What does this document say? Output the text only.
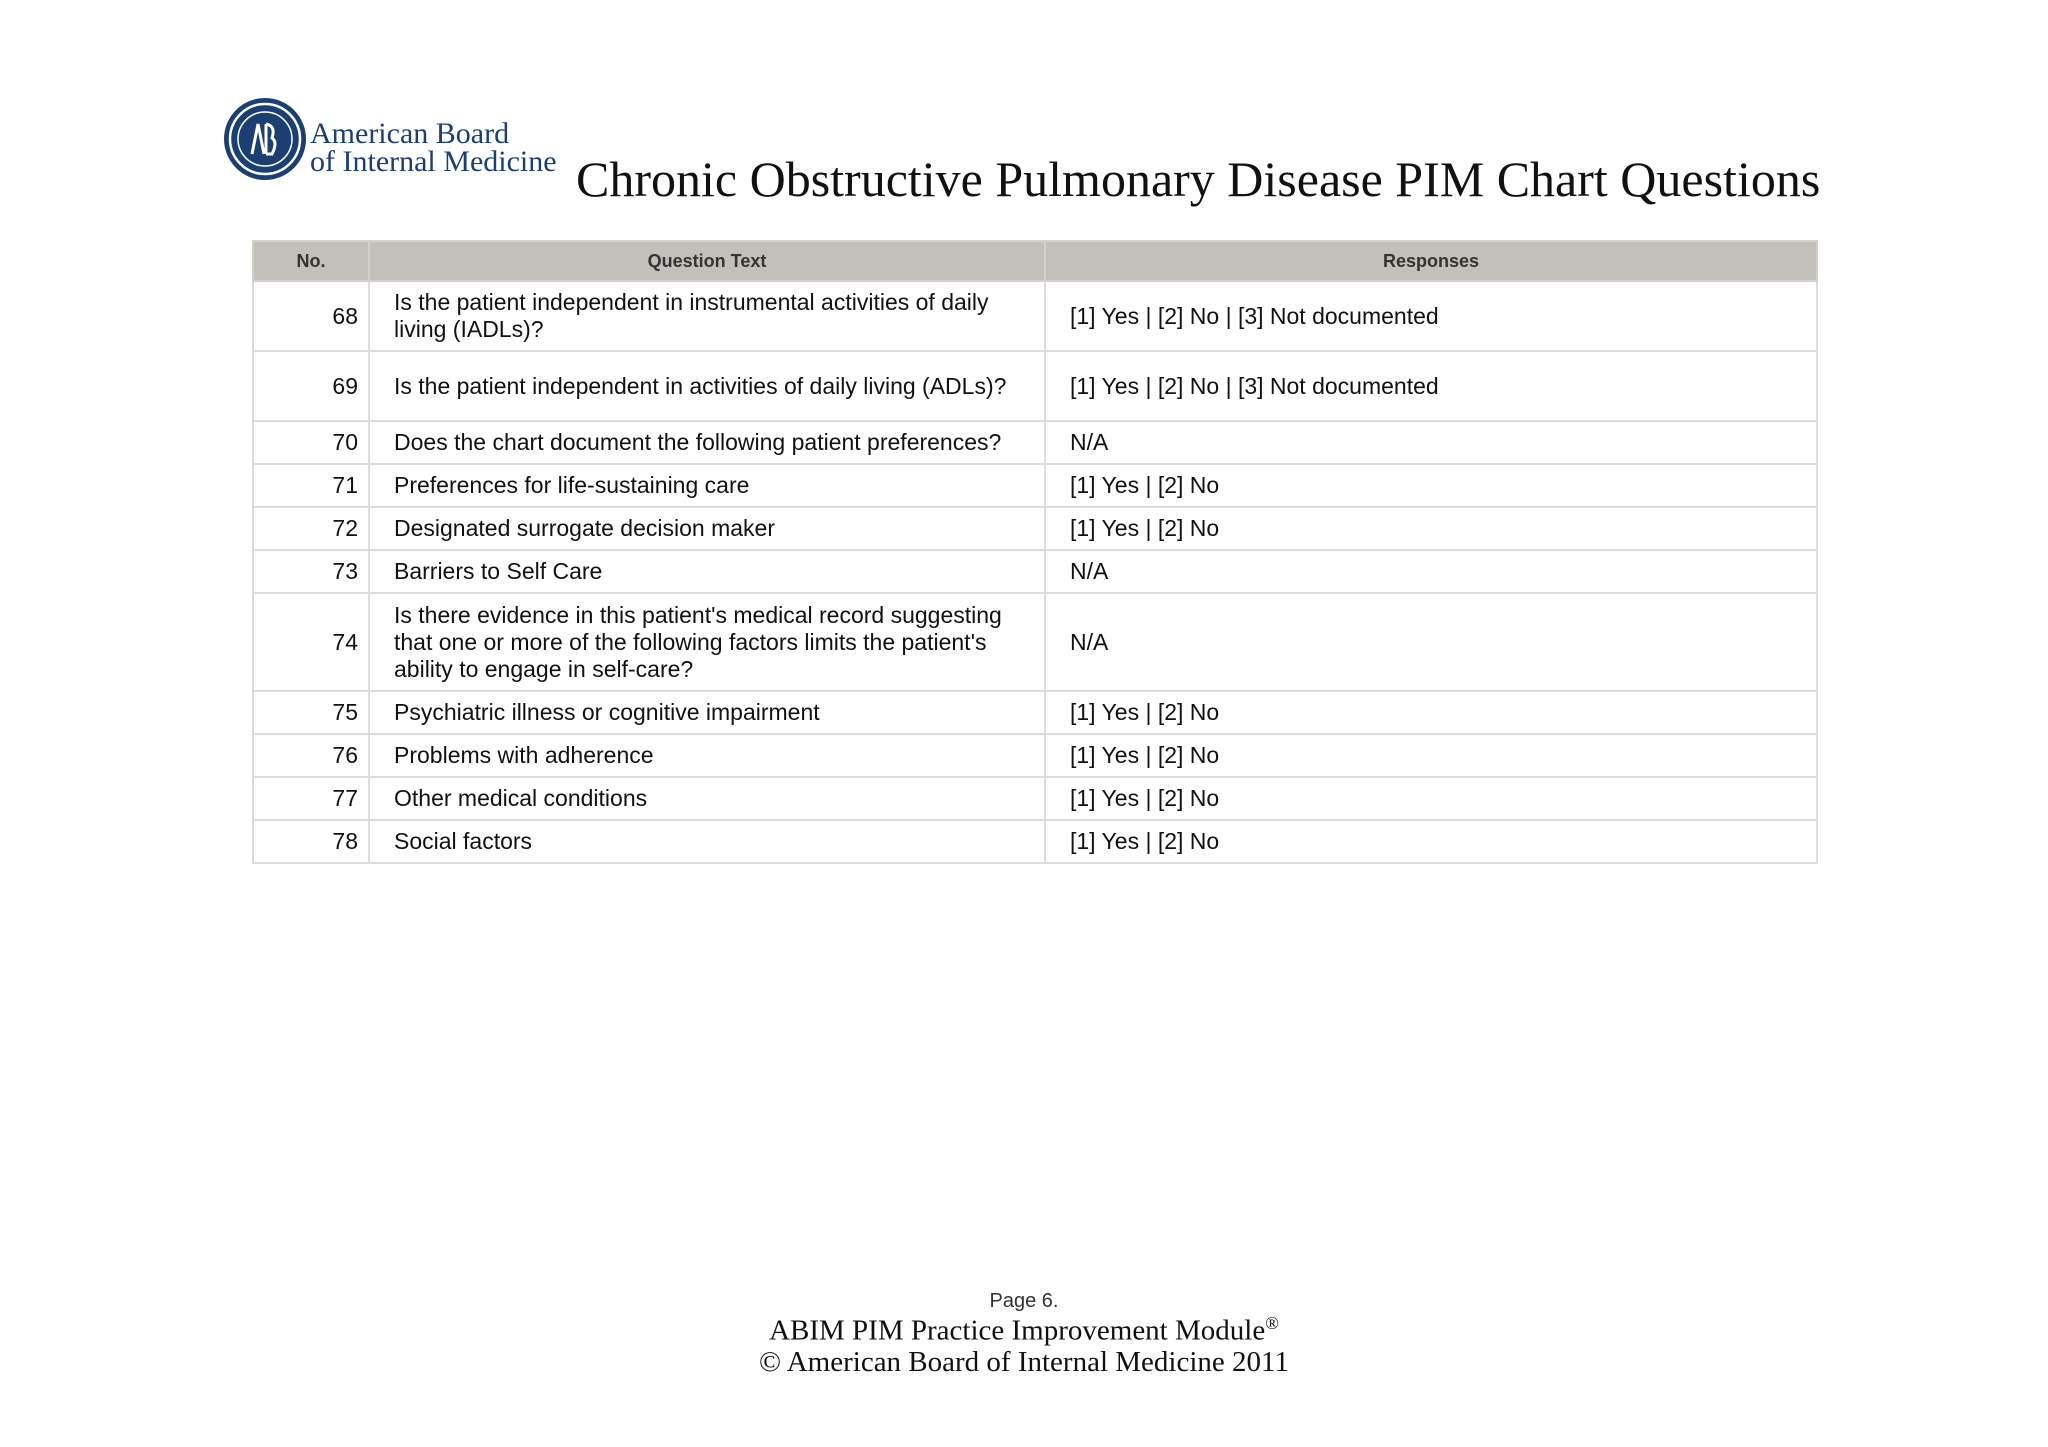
American Board
of Internal Medicine Chronic Obstructive Pulmonary Disease PIM Chart Questions
No.	Question Text	Responses
68	Is the patient independent in instrumental activities of daily living (IADLs)?	[1] Yes | [2] No | [3] Not documented
69	Is the patient independent in activities of daily living (ADLs)?	[1] Yes | [2] No | [3] Not documented
70	Does the chart document the following patient preferences?	N/A
71	Preferences for life-sustaining care	[1] Yes | [2] No
72	Designated surrogate decision maker	[1] Yes | [2] No
73	Barriers to Self Care	N/A
74	Is there evidence in this patient's medical record suggesting that one or more of the following factors limits the patient's ability to engage in self-care?	N/A
75	Psychiatric illness or cognitive impairment	[1] Yes | [2] No
76	Problems with adherence	[1] Yes | [2] No
77	Other medical conditions	[1] Yes | [2] No
78	Social factors	[1] Yes | [2] No
Page 6.
ABIM PIM Practice Improvement Module®
© American Board of Internal Medicine 2011
